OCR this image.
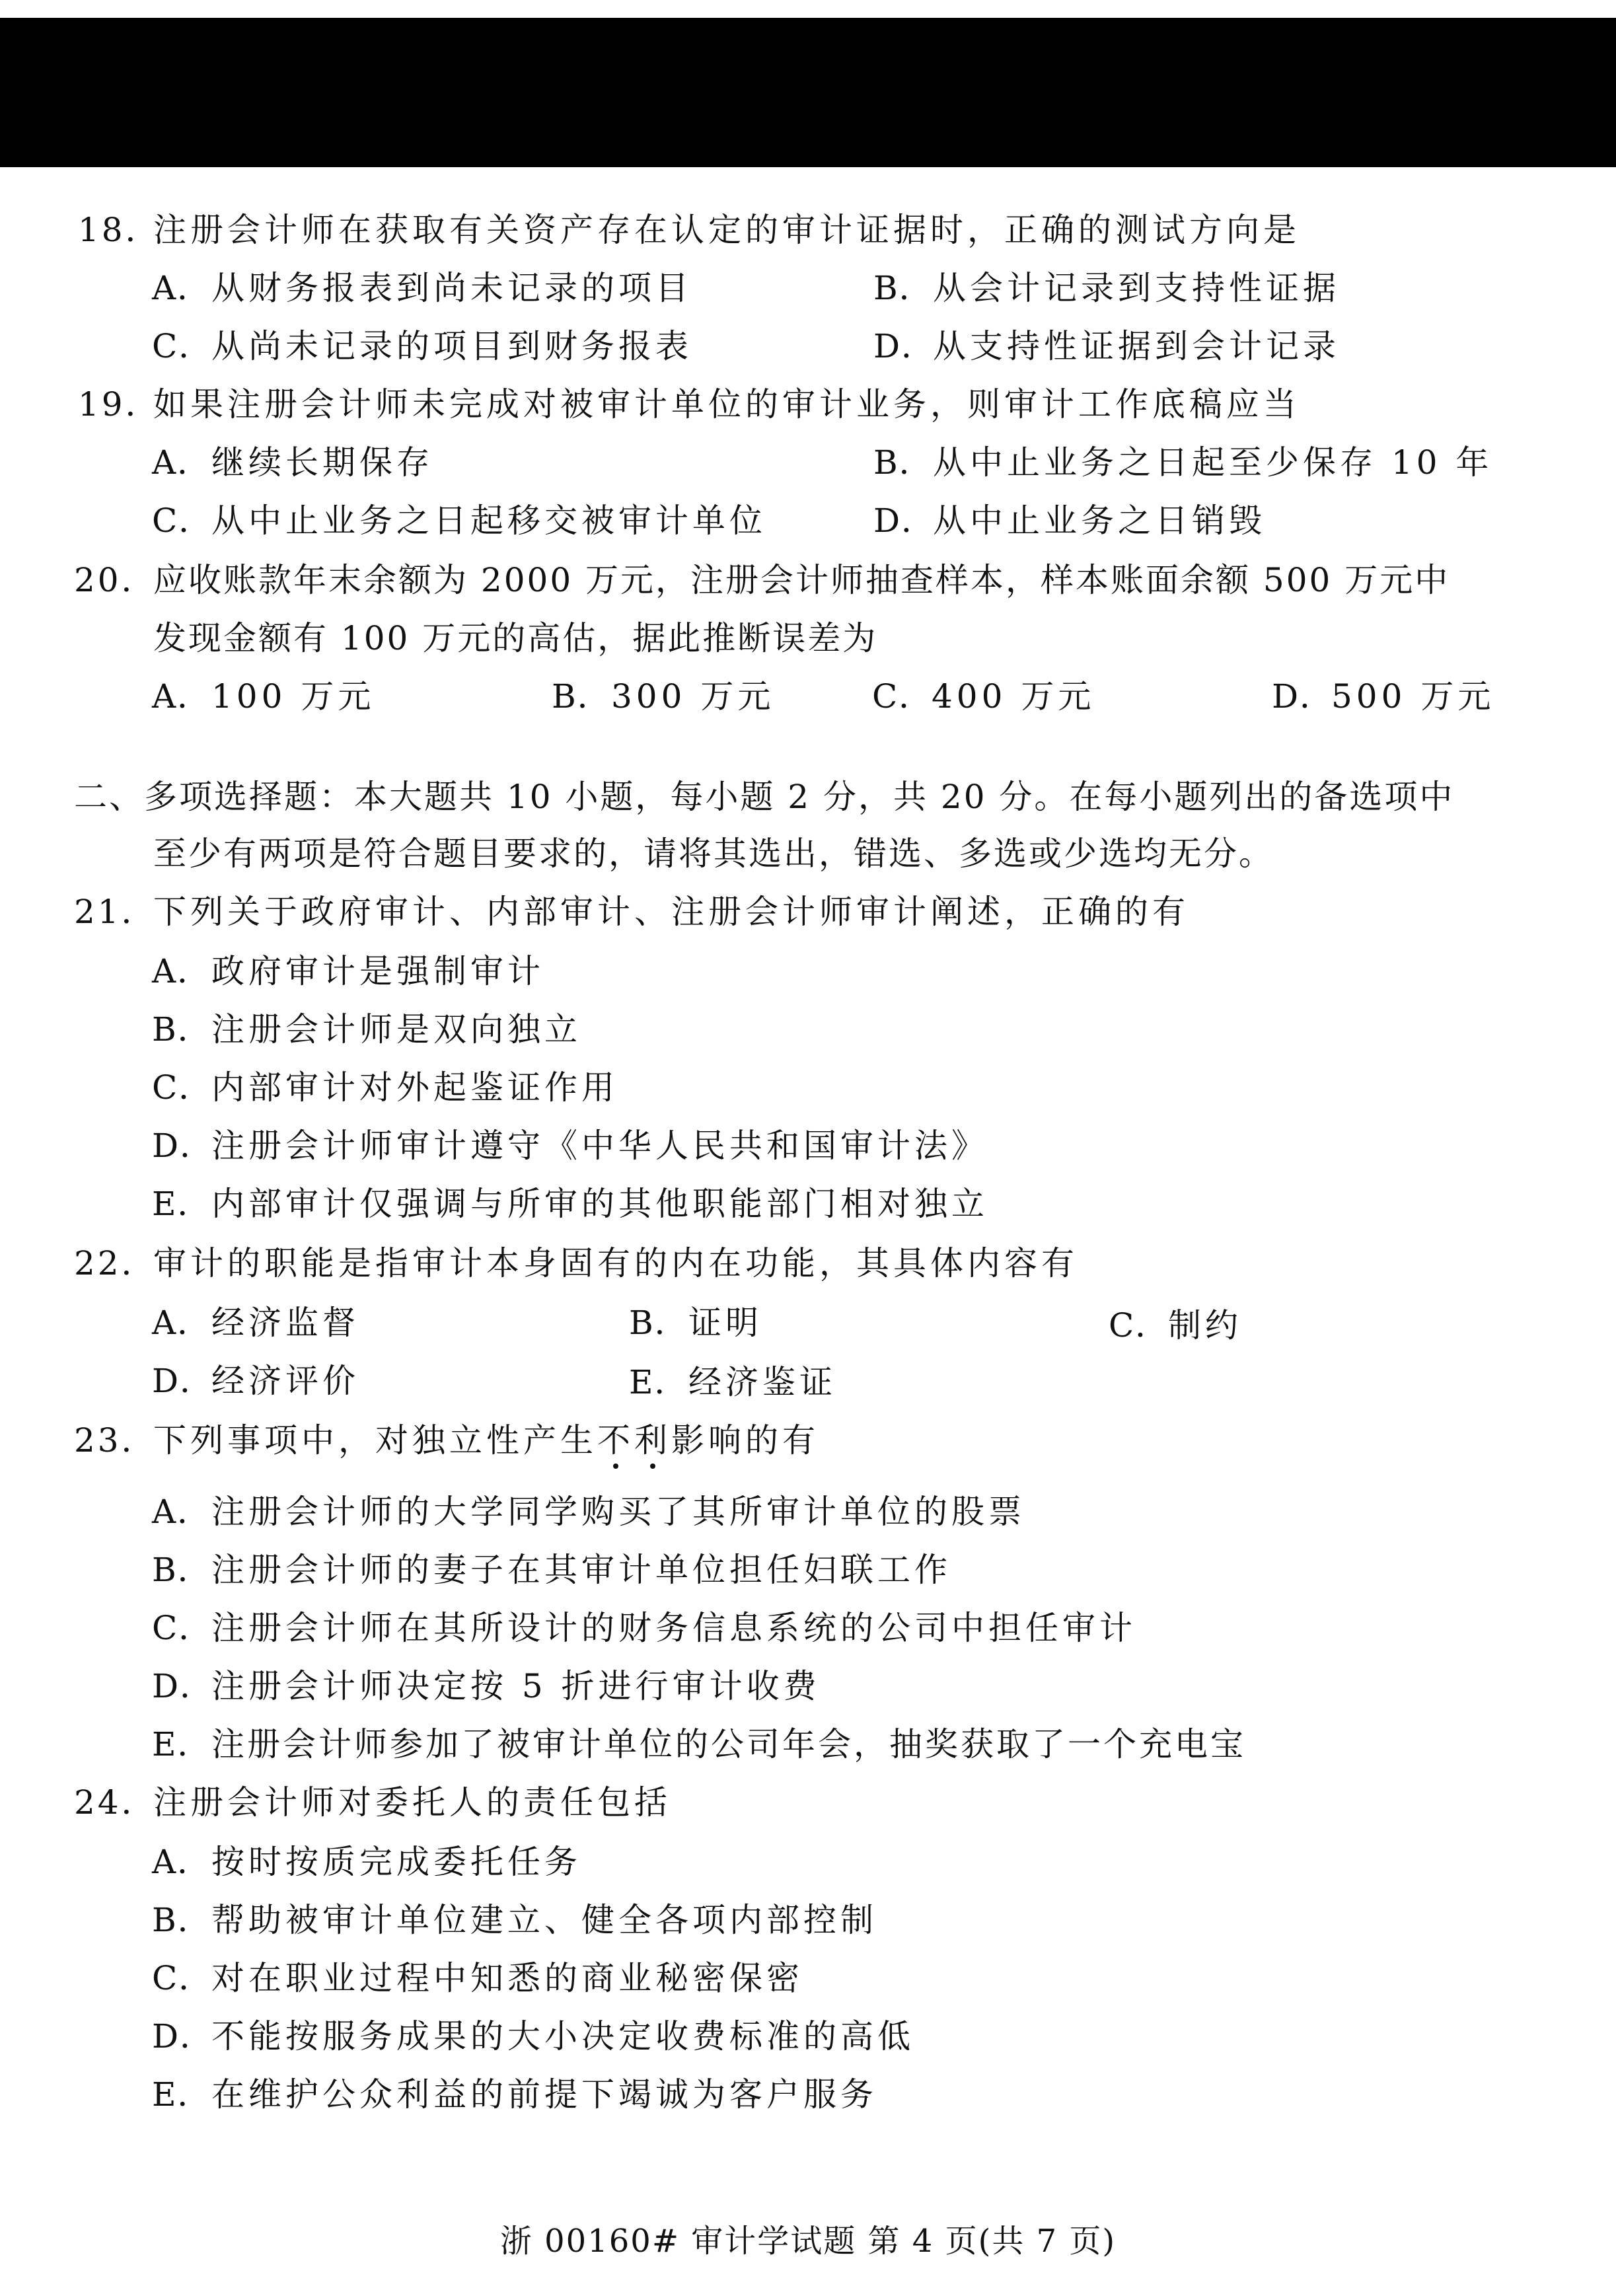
18．
注册会计师在获取有关资产存在认定的审计证据时，正确的测试方向是
A．从财务报表到尚未记录的项目	B．从会计记录到支持性证据
C．从尚未记录的项目到财务报表	D．从支持性证据到会计记录
19．
如果注册会计师未完成对被审计单位的审计业务，则审计工作底稿应当
A．继续长期保存	B．从中止业务之日起至少保存 10 年
C．从中止业务之日起移交被审计单位	D．从中止业务之日销毁
20．
应收账款年末余额为 2000 万元，注册会计师抽查样本，样本账面余额 500 万元中
发现金额有 100 万元的高估，据此推断误差为
A．100 万元	B．300 万元	C．400 万元	D．500 万元
二、多项选择题：本大题共 10 小题，每小题 2 分，共 20 分。在每小题列出的备选项中
至少有两项是符合题目要求的，请将其选出，错选、多选或少选均无分。
21．
下列关于政府审计、内部审计、注册会计师审计阐述，正确的有
A．政府审计是强制审计
B．注册会计师是双向独立
C．内部审计对外起鉴证作用
D．注册会计师审计遵守《中华人民共和国审计法》
E．内部审计仅强调与所审的其他职能部门相对独立
22．
审计的职能是指审计本身固有的内在功能，其具体内容有
A．经济监督	B．证明	C．制约
D．经济评价	E．经济鉴证
23．
下列事项中，对独立性产生不利影响的有
A．注册会计师的大学同学购买了其所审计单位的股票
B．注册会计师的妻子在其审计单位担任妇联工作
C．注册会计师在其所设计的财务信息系统的公司中担任审计
D．注册会计师决定按 5 折进行审计收费
E．注册会计师参加了被审计单位的公司年会，抽奖获取了一个充电宝
24．
注册会计师对委托人的责任包括
A．按时按质完成委托任务
B．帮助被审计单位建立、健全各项内部控制
C．对在职业过程中知悉的商业秘密保密
D．不能按服务成果的大小决定收费标准的高低
E．在维护公众利益的前提下竭诚为客户服务
浙 00160# 审计学试题 第 4 页(共 7 页)
